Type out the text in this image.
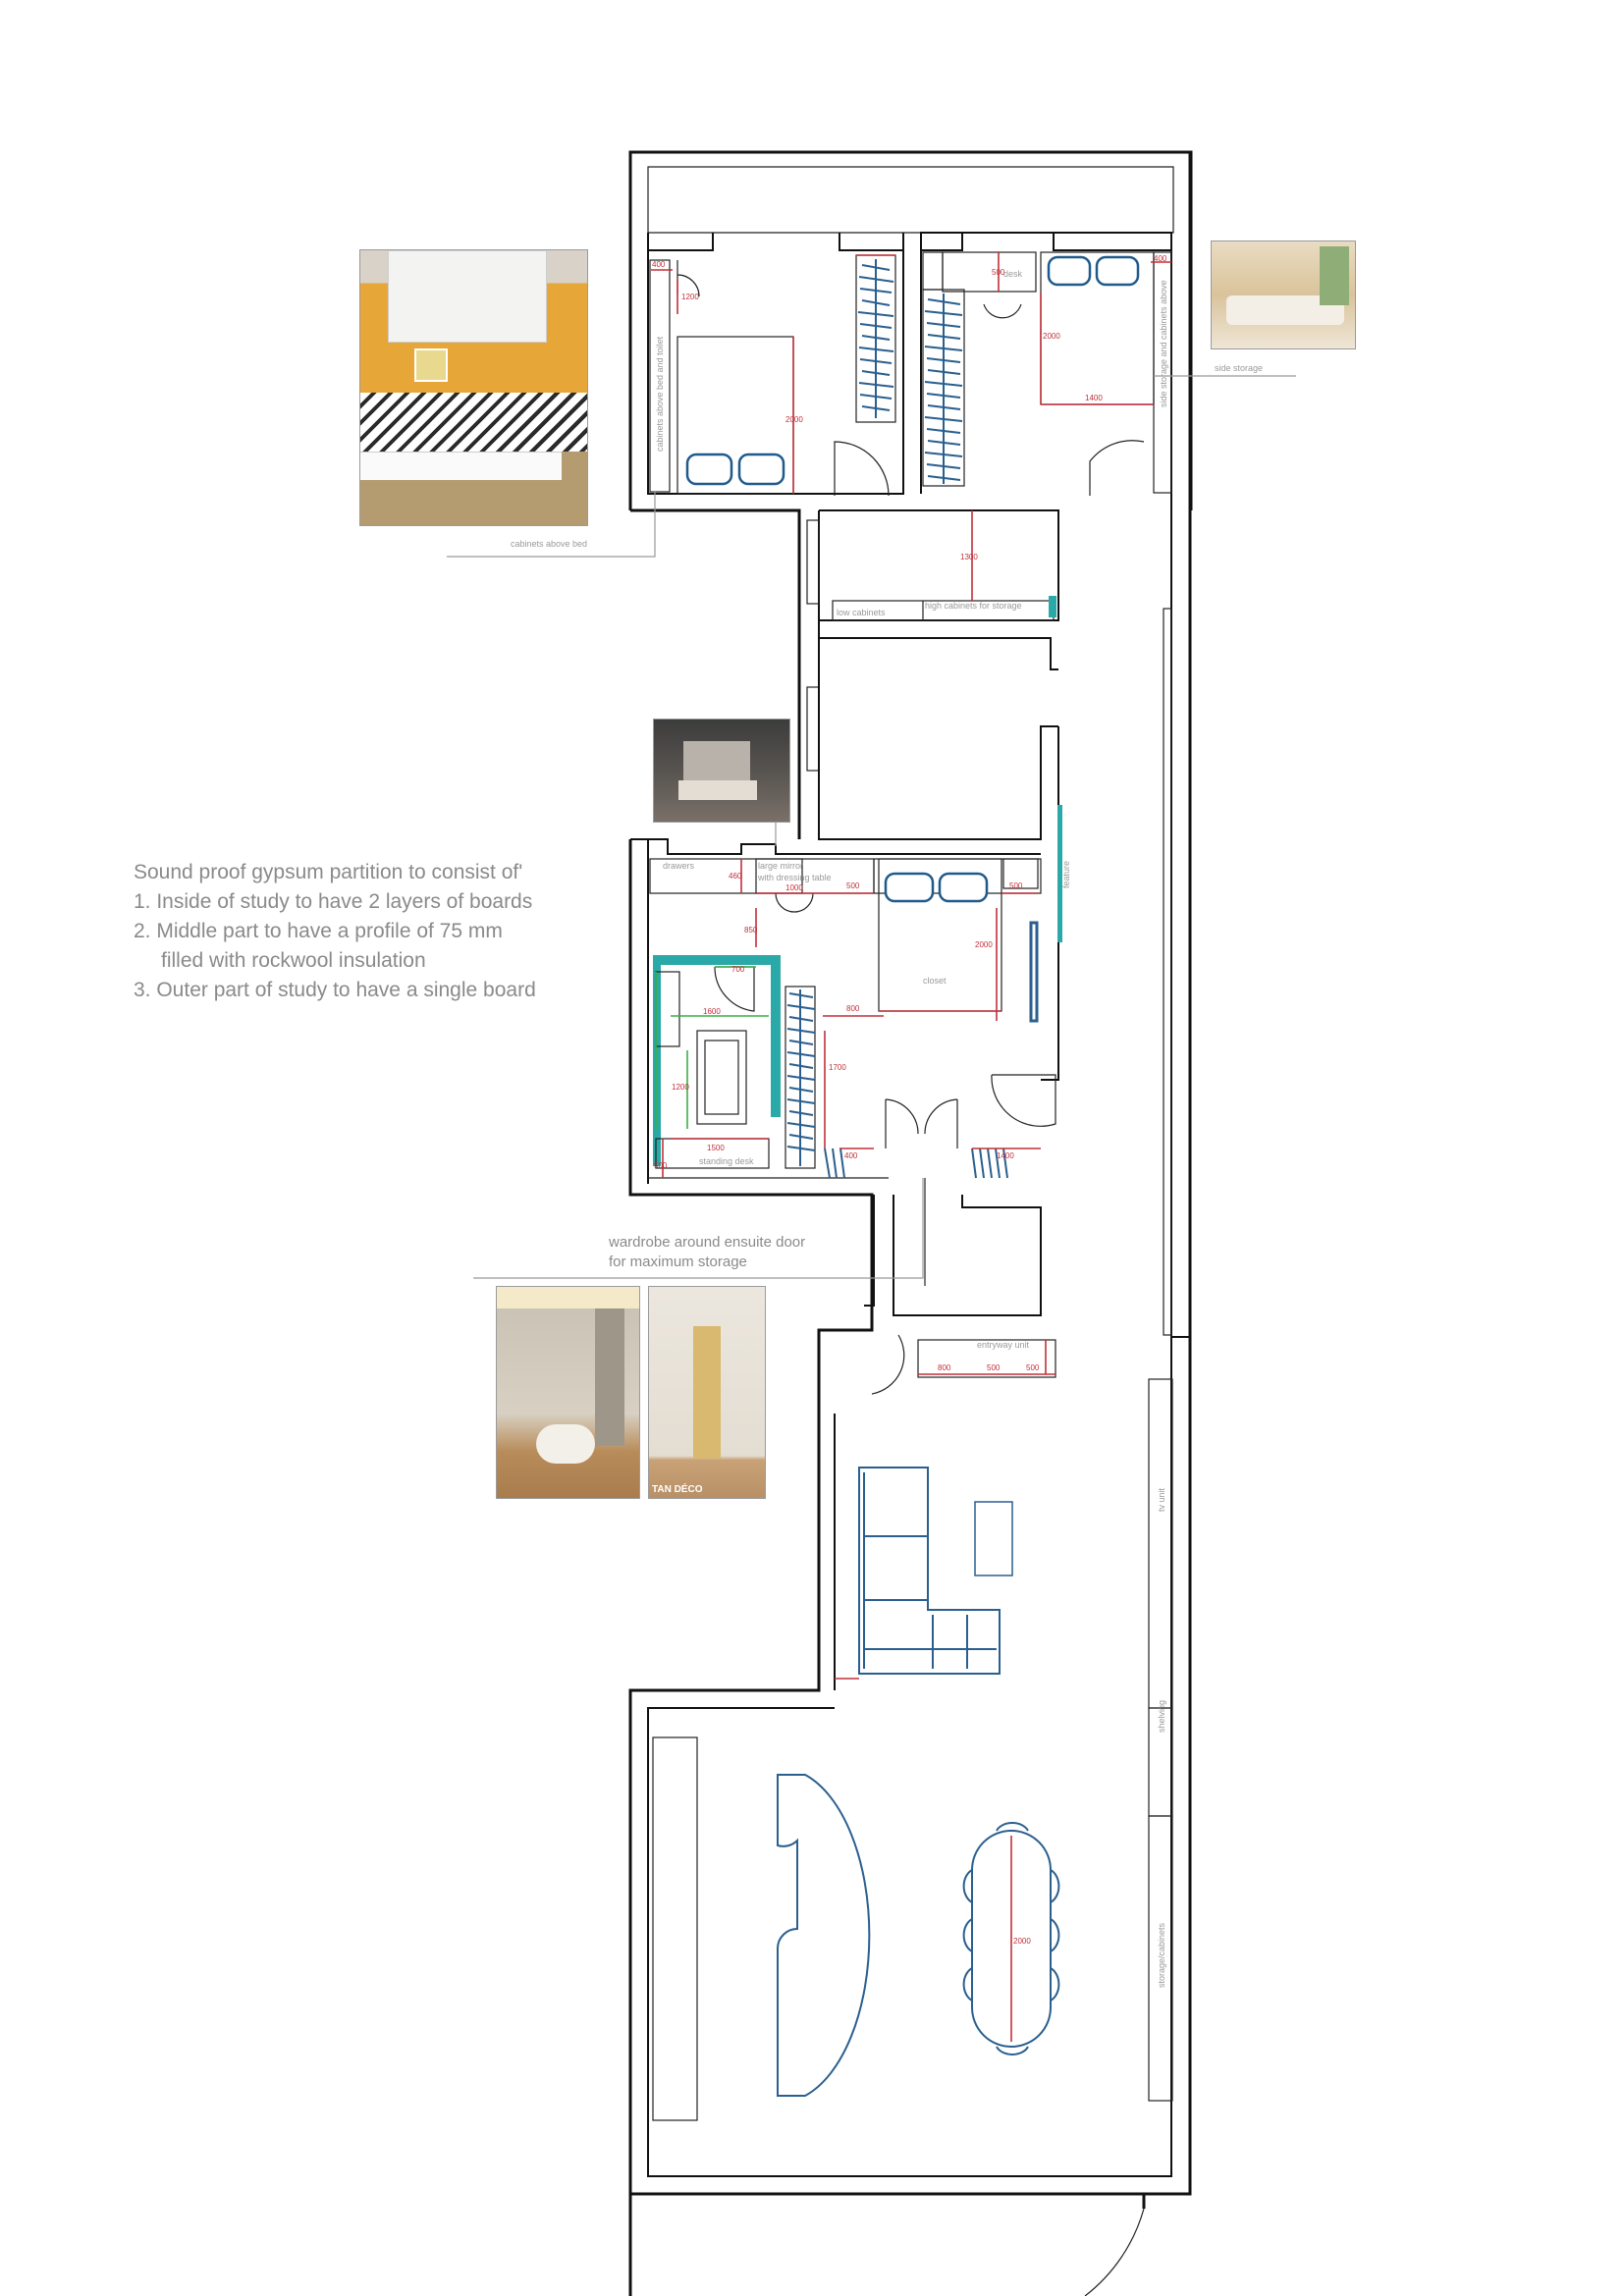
400
1200
2000
500
2000
1400
400
1300
460
1000	500	500
850
700
1600
2000
800
1700
1200
1500
500
400	1400
800	500	500
2000
desk
low cabinets
high cabinets for storage
drawers	large mirror
with dressing table
closet
standing desk
entryway unit
cabinets above bed and toilet	side storage and cabinets above
feature
tv unit
shelving
storage/cabinets
cabinets above bed
side storage
TAN DÉCO
Sound proof gypsum partition to consist of'
1. Inside of study to have 2 layers of boards
2. Middle part to have a profile of 75 mm
filled with rockwool insulation
3. Outer part of study to have a single board
wardrobe around ensuite door
for maximum storage
